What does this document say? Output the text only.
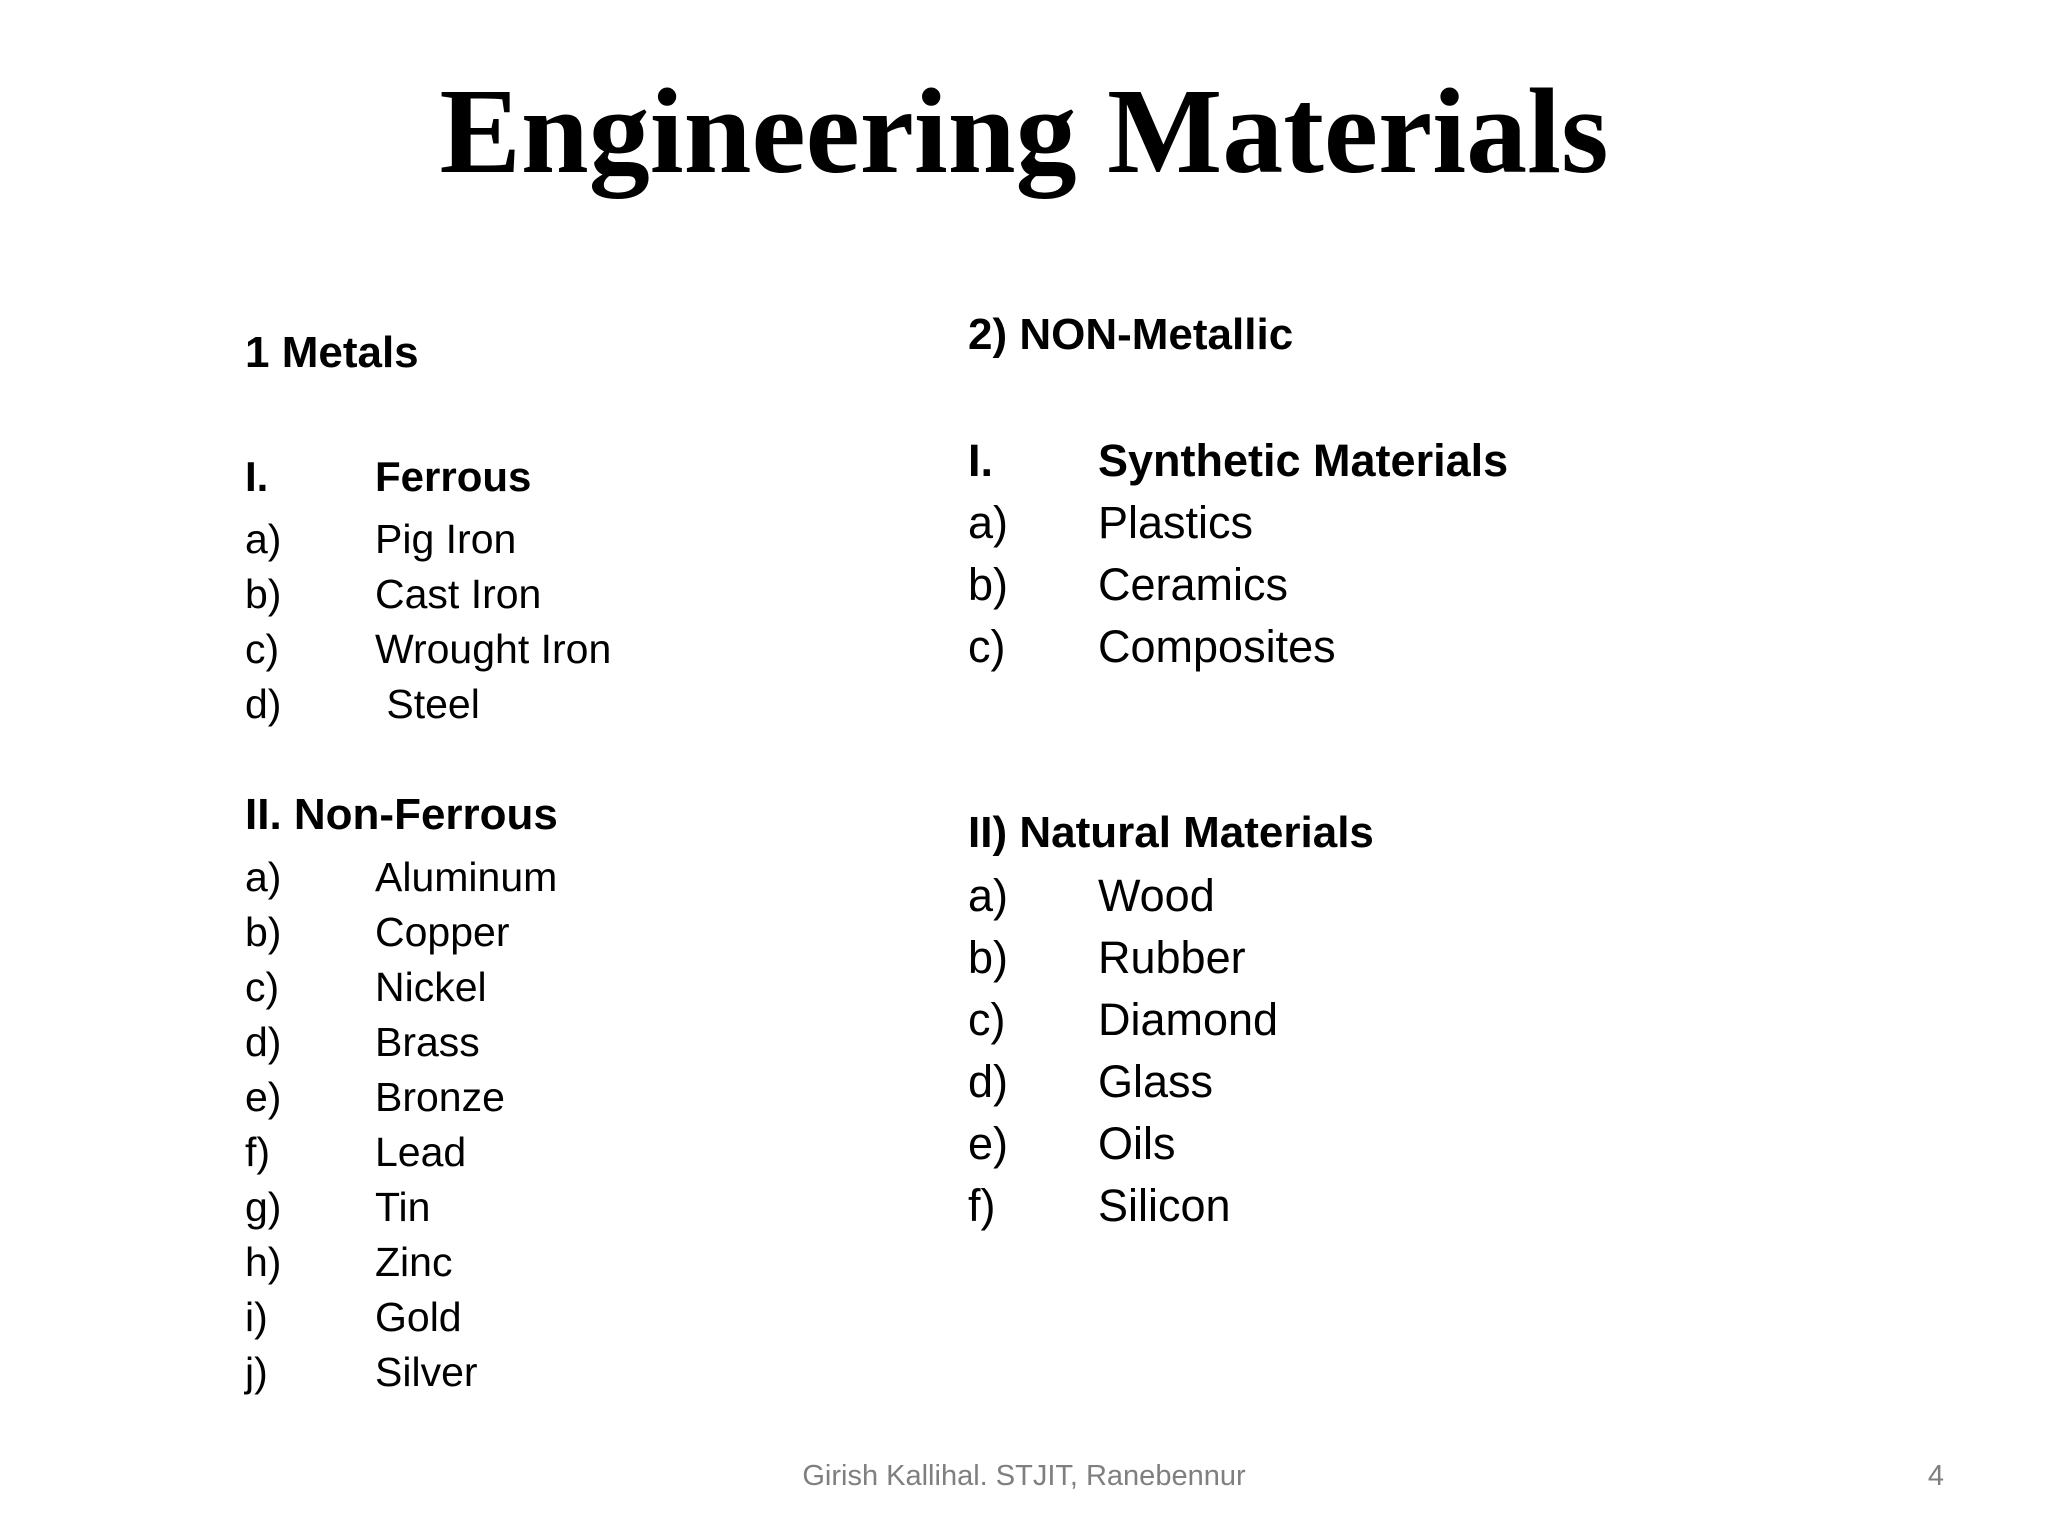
Engineering Materials
1 Metals

I.

	Ferrous

a) Pig Iron
b) Cast Iron
c) Wrought Iron
d) Steel
II. Non-Ferrous
a) Aluminum
b) Copper
c) Nickel
d) Brass
e) Bronze
f)	Lead
g) Tin
h) Zinc
i)	Gold
j)	Silver
2) NON-Metallic

I.

Synthetic Materials

a) Plastics
b) Ceramics
c) Composites
II) Natural Materials
a) Wood
b) Rubber
c) Diamond
d) Glass
e) Oils
f) Silicon
Girish Kallihal. STJIT, Ranebennur	4
